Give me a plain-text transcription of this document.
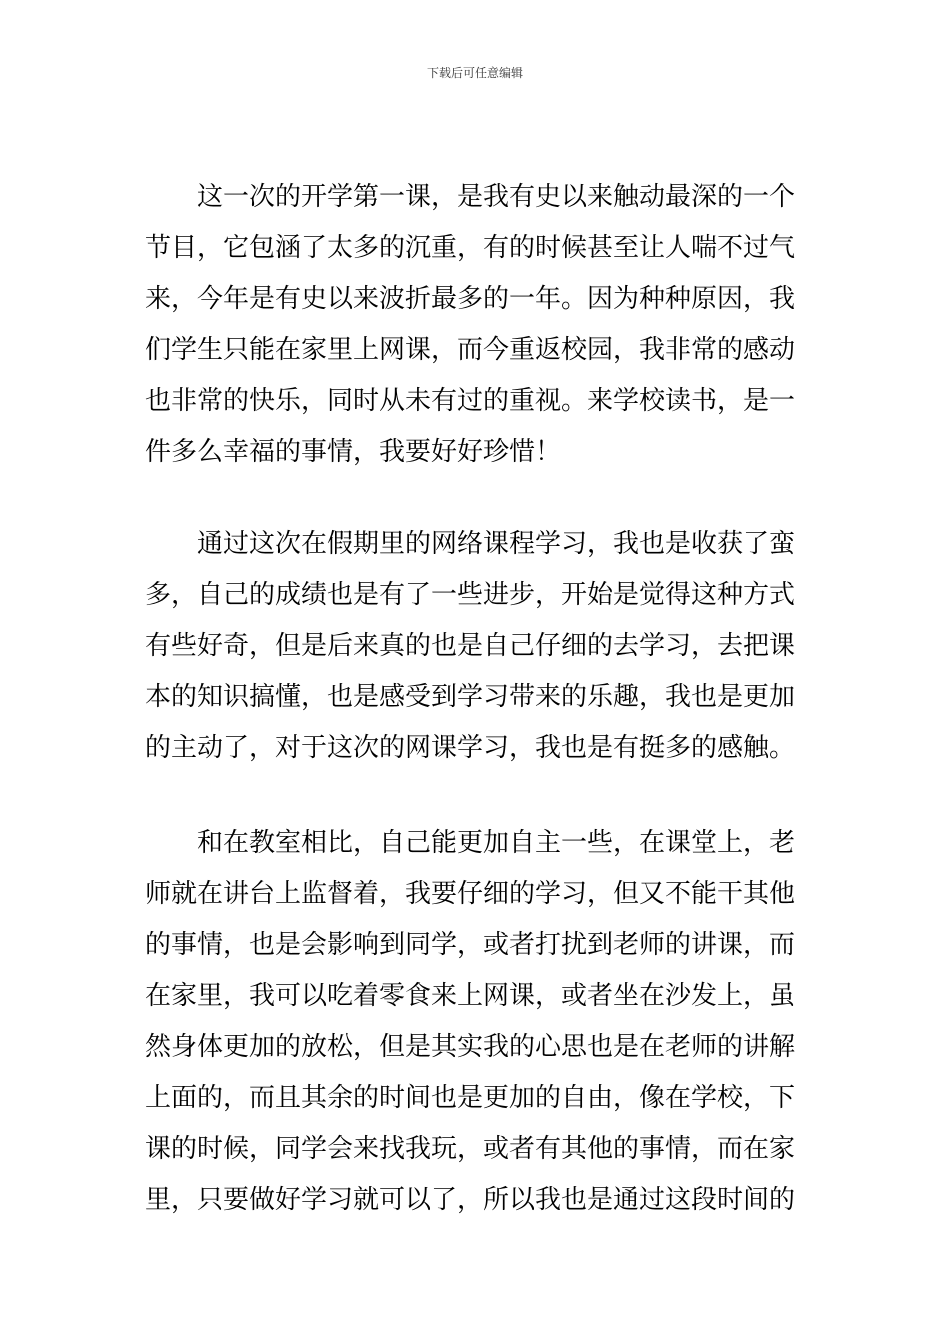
下载后可任意编辑
这一次的开学第一课，是我有史以来触动最深的一个
节目，它包涵了太多的沉重，有的时候甚至让人喘不过气
来，今年是有史以来波折最多的一年。因为种种原因，我
们学生只能在家里上网课，而今重返校园，我非常的感动
也非常的快乐，同时从未有过的重视。来学校读书，是一
件多么幸福的事情，我要好好珍惜！
通过这次在假期里的网络课程学习，我也是收获了蛮
多，自己的成绩也是有了一些进步，开始是觉得这种方式
有些好奇，但是后来真的也是自己仔细的去学习，去把课
本的知识搞懂，也是感受到学习带来的乐趣，我也是更加
的主动了，对于这次的网课学习，我也是有挺多的感触。
和在教室相比，自己能更加自主一些，在课堂上，老
师就在讲台上监督着，我要仔细的学习，但又不能干其他
的事情，也是会影响到同学，或者打扰到老师的讲课，而
在家里，我可以吃着零食来上网课，或者坐在沙发上，虽
然身体更加的放松，但是其实我的心思也是在老师的讲解
上面的，而且其余的时间也是更加的自由，像在学校，下
课的时候，同学会来找我玩，或者有其他的事情，而在家
里，只要做好学习就可以了，所以我也是通过这段时间的
